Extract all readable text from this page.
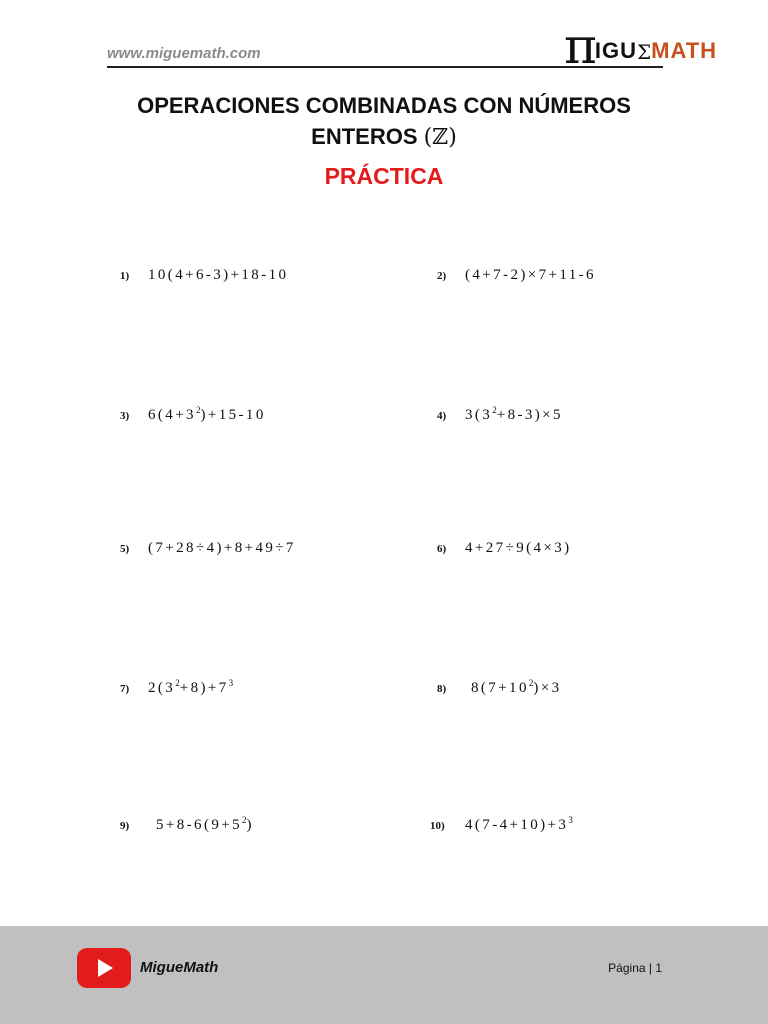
www.miguemath.com	π
IGU Σ MATH
OPERACIONES COMBINADAS CON NÚMEROS
ENTEROS (ℤ)
PRÁCTICA
1)	10(4+6-3)+18-10	2)	(4+7-2)×7+11-6
3)	$6(4+3^2)+15-10$	4)	$3(3^2+8-3)\times 5$
5)	(7+28÷4)+8+49÷7	6)	4+27÷9(4×3)
7)	$2(3^2+8)+7^3$	8)	$8(7+10^2)\times 3$
9)	$5+8-6(9+5^2)$	10)	$4(7-4+10)+3^3$
MigueMath	Página | 1
